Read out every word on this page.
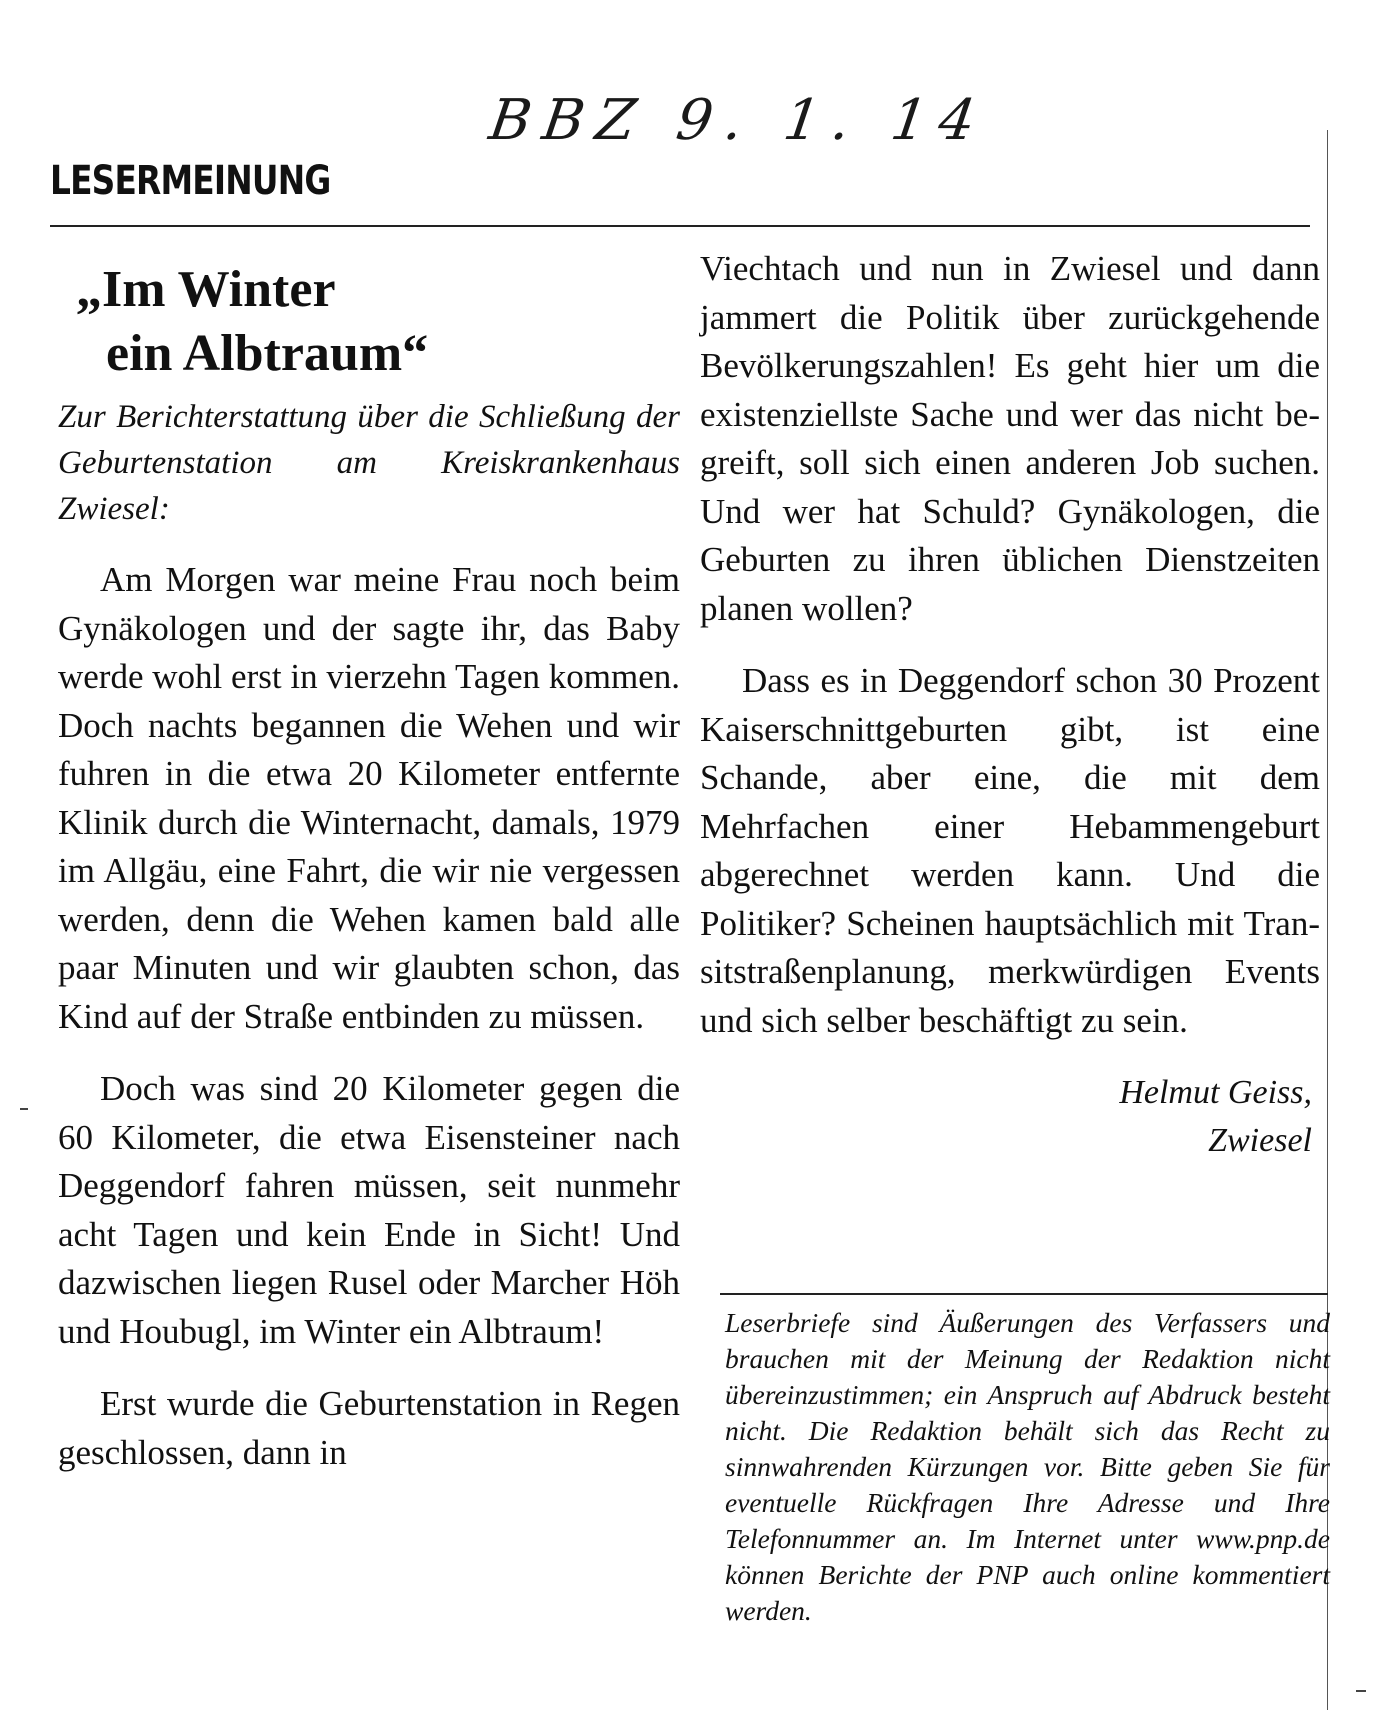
BBZ 9. 1. 14
LESERMEINUNG
„Im Winter
ein Albtraum“

Zur Berichterstattung über die Schließung der Geburtenstation am Kreiskrankenhaus Zwiesel:

Am Morgen war meine Frau noch beim Gynäkologen und der sagte ihr, das Baby werde wohl erst in vierzehn Tagen kommen. Doch nachts begannen die Wehen und wir fuhren in die etwa 20 Kilometer entfernte Klinik durch die Winternacht, damals, 1979 im Allgäu, eine Fahrt, die wir nie vergessen werden, denn die Wehen kamen bald alle paar Minuten und wir glaubten schon, das Kind auf der Straße entbinden zu müssen.

Doch was sind 20 Kilometer gegen die 60 Kilometer, die etwa Eisensteiner nach Deggendorf fahren müssen, seit nunmehr acht Tagen und kein Ende in Sicht! Und dazwischen liegen Rusel oder Marcher Höh und Houbugl, im Winter ein Albtraum!

Erst wurde die Geburtenstation in Regen geschlossen, dann in

Viechtach und nun in Zwiesel und dann jammert die Politik über zurückgehende Bevölkerungszahlen! Es geht hier um die existenziellste Sache und wer das nicht begreift, soll sich einen anderen Job suchen. Und wer hat Schuld? Gynäkologen, die Geburten zu ihren üblichen Dienstzeiten planen wollen?

Dass es in Deggendorf schon 30 Prozent Kaiserschnittgeburten gibt, ist eine Schande, aber eine, die mit dem Mehrfachen einer Hebammengeburt abgerechnet werden kann. Und die Politiker? Scheinen hauptsächlich mit Transitstraßenplanung, merkwürdigen Events und sich selber beschäftigt zu sein.

Helmut Geiss,
Zwiesel
Leserbriefe sind Äußerungen des Verfassers und brauchen mit der Meinung der Redaktion nicht übereinzustimmen; ein Anspruch auf Abdruck besteht nicht. Die Redaktion behält sich das Recht zu sinnwahrenden Kürzungen vor. Bitte geben Sie für eventuelle Rückfragen Ihre Adresse und Ihre Telefonnummer an. Im Internet unter www.pnp.de können Berichte der PNP auch online kommentiert werden.
